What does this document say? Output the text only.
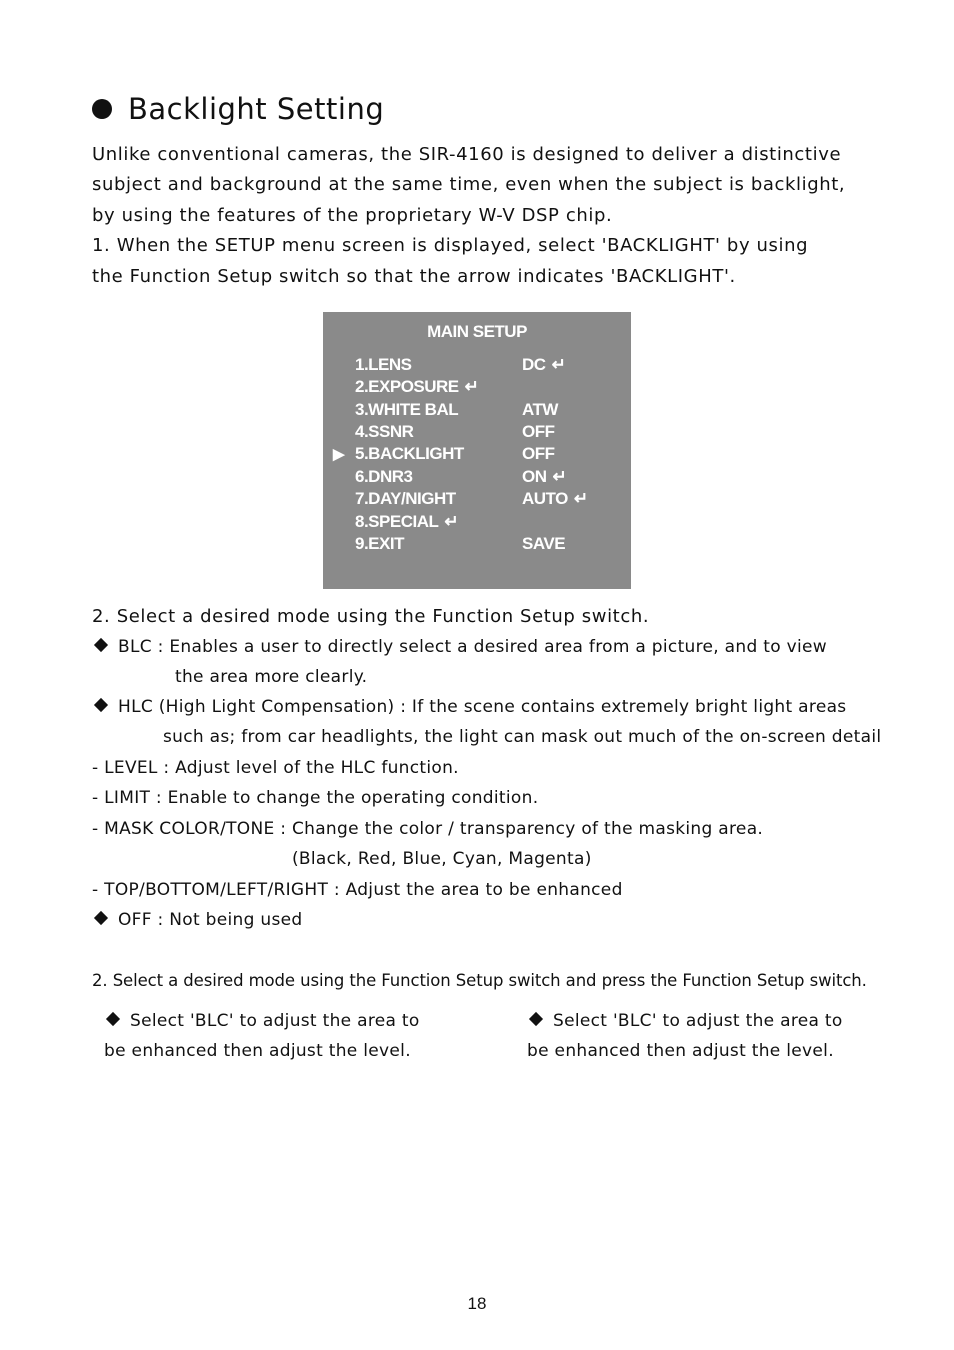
Backlight Setting
Unlike conventional cameras, the SIR-4160 is designed to deliver a distinctive
subject and background at the same time, even when the subject is backlight,
by using the features of the proprietary W-V DSP chip.
1. When the SETUP menu screen is displayed, select 'BACKLIGHT' by using
the Function Setup switch so that the arrow indicates 'BACKLIGHT'.
MAIN SETUP
1.LENS	DC ↵
2.EXPOSURE ↵
3.WHITE BAL	ATW
4.SSNR	OFF
▶ 5.BACKLIGHT	OFF
6.DNR3	ON ↵
7.DAY/NIGHT	AUTO ↵
8.SPECIAL ↵
9.EXIT	SAVE
2. Select a desired mode using the Function Setup switch.
BLC : Enables a user to directly select a desired area from a picture, and to view
the area more clearly.
HLC (High Light Compensation) : If the scene contains extremely bright light areas
such as; from car headlights, the light can mask out much of the on-screen detail
- LEVEL : Adjust level of the HLC function.
- LIMIT : Enable to change the operating condition.
- MASK COLOR/TONE : Change the color / transparency of the masking area.
(Black, Red, Blue, Cyan, Magenta)
- TOP/BOTTOM/LEFT/RIGHT : Adjust the area to be enhanced
OFF : Not being used
2. Select a desired mode using the Function Setup switch and press the Function Setup switch.
Select 'BLC' to adjust the area to
be enhanced then adjust the level.
Select 'BLC' to adjust the area to
be enhanced then adjust the level.
18
